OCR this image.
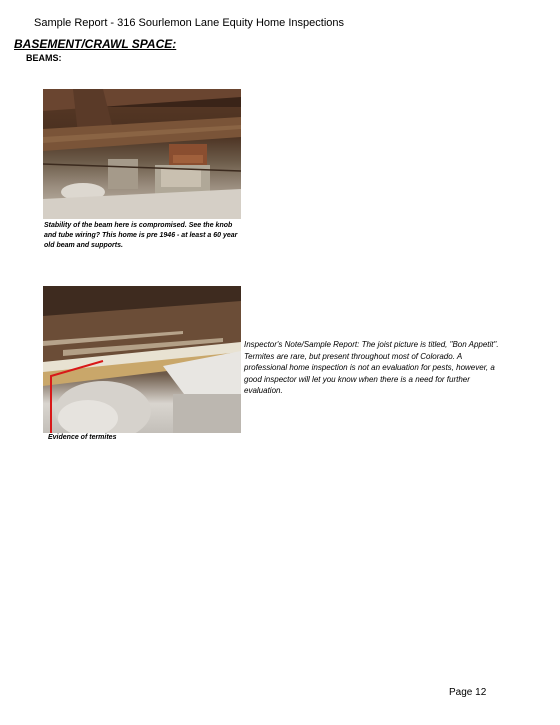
Sample Report - 316 Sourlemon Lane Equity Home Inspections
BASEMENT/CRAWL SPACE:
BEAMS:
Stability of the beam here is compromised. See the knob and tube wiring? This home is pre 1946 - at least a 60 year old beam and supports.
Evidence of termites
Inspector's Note/Sample Report: The joist picture is titled, "Bon Appetit". Termites are rare, but present throughout most of Colorado. A professional home inspection is not an evaluation for pests, however, a good inspector will let you know when there is a need for further evaluation.
Page 12
